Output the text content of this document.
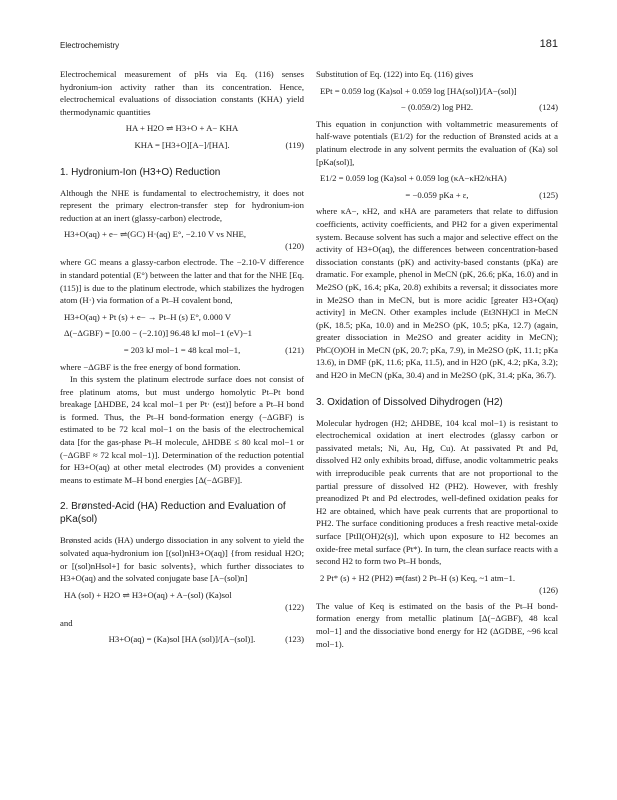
Electrochemistry	181

Electrochemical measurement of pHs via Eq. (116) senses hydronium-ion activity rather than its concentration. Hence, electrochemical evaluations of dissociation constants (KHA) yield thermodynamic quantities

HA + H2O ⇌ H3+O + A− KHA
KHA = [H3+O][A−]/[HA].	(119)
1. Hydronium-Ion (H3+O) Reduction

Although the NHE is fundamental to electrochemistry, it does not represent the primary electron-transfer step for hydronium-ion reduction at an inert (glassy-carbon) electrode,

H3+O(aq) + e− ⇌(GC) H·(aq) E°, −2.10 V vs NHE,
(120)

where GC means a glassy-carbon electrode. The −2.10-V difference in standard potential (E°) between the latter and that for the NHE [Eq. (115)] is due to the platinum electrode, which stabilizes the hydrogen atom (H·) via formation of a Pt–H covalent bond,

H3+O(aq) + Pt (s) + e− → Pt–H (s) E°, 0.000 V
Δ(−ΔGBF) = [0.00 − (−2.10)] 96.48 kJ mol−1 (eV)−1
= 203 kJ mol−1 = 48 kcal mol−1,	(121)

where −ΔGBF is the free energy of bond formation.

In this system the platinum electrode surface does not consist of free platinum atoms, but must undergo homolytic Pt–Pt bond breakage [ΔHDBE, 24 kcal mol−1 per Pt· (est)] before a Pt–H bond is formed. Thus, the Pt–H bond-formation energy (−ΔGBF) is estimated to be 72 kcal mol−1 on the basis of the electrochemical data [for the gas-phase Pt–H molecule, ΔHDBE ≤ 80 kcal mol−1 or (−ΔGBF ≈ 72 kcal mol−1)]. Determination of the reduction potential for H3+O(aq) at other metal electrodes (M) provides a convenient means to estimate M–H bond energies [Δ(−ΔGBF)].

2. Brønsted-Acid (HA) Reduction and Evaluation of pKa(sol)

Brønsted acids (HA) undergo dissociation in any solvent to yield the solvated aqua-hydronium ion [(sol)nH3+O(aq)] {from residual H2O; or [(sol)nHsol+] for basic solvents}, which further dissociates to H3+O(aq) and the solvated conjugate base [A−(sol)n]

HA (sol) + H2O ⇌ H3+O(aq) + A−(sol) (Ka)sol
(122)

and

H3+O(aq) = (Ka)sol [HA (sol)]/[A−(sol)].	(123)

Substitution of Eq. (122) into Eq. (116) gives

EPt = 0.059 log (Ka)sol + 0.059 log [HA(sol)]/[A−(sol)]
− (0.059/2) log PH2.	(124)

This equation in conjunction with voltammetric measurements of half-wave potentials (E1/2) for the reduction of Brønsted acids at a platinum electrode in any solvent permits the evaluation of (Ka) sol [pKa(sol)],

E1/2 = 0.059 log (Ka)sol + 0.059 log (κA−κH2/κHA)
= −0.059 pKa + ε,	(125)

where κA−, κH2, and κHA are parameters that relate to diffusion coefficients, activity coefficients, and PH2 for a given experimental system. Because solvent has such a major and selective effect on the activity of H3+O(aq), the differences between concentration-based dissociation constants (pK) and activity-based constants (pKa) are dramatic. For example, phenol in MeCN (pK, 26.6; pKa, 16.0) and in Me2SO (pK, 16.4; pKa, 20.8) exhibits a reversal; it dissociates more in Me2SO than in MeCN, but is more acidic [greater H3+O(aq) activity] in MeCN. Other examples include (Et3NH)Cl in MeCN (pK, 18.5; pKa, 10.0) and in Me2SO (pK, 10.5; pKa, 12.7) (again, greater dissociation in Me2SO and greater acidity in MeCN); PhC(O)OH in MeCN (pK, 20.7; pKa, 7.9), in Me2SO (pK, 11.1; pKa 13.6), in DMF (pK, 11.6; pKa, 11.5), and in H2O (pK, 4.2; pKa, 3.2); and H2O in MeCN (pKa, 30.4) and in Me2SO (pK, 31.4; pKa, 36.7).

3. Oxidation of Dissolved Dihydrogen (H2)

Molecular hydrogen (H2; ΔHDBE, 104 kcal mol−1) is resistant to electrochemical oxidation at inert electrodes (glassy carbon or passivated metals; Ni, Au, Hg, Cu). At passivated Pt and Pd, dissolved H2 only exhibits broad, diffuse, anodic voltammetric peaks with irreproducible peak currents that are not proportional to the partial pressure of dissolved H2 (PH2). However, with freshly preanodized Pt and Pd electrodes, well-defined oxidation peaks for H2 are obtained, which have peak currents that are proportional to PH2. The surface conditioning produces a fresh reactive metal-oxide surface [PtII(OH)2(s)], which upon exposure to H2 becomes an oxide-free metal surface (Pt*). In turn, the clean surface reacts with a second H2 to form two Pt–H bonds,

2 Pt* (s) + H2 (PH2) ⇌(fast) 2 Pt–H (s) Keq, ~1 atm−1.
(126)

The value of Keq is estimated on the basis of the Pt–H bond-formation energy from metallic platinum [Δ(−ΔGBF), 48 kcal mol−1] and the dissociative bond energy for H2 (ΔGDBE, ~96 kcal mol−1).
